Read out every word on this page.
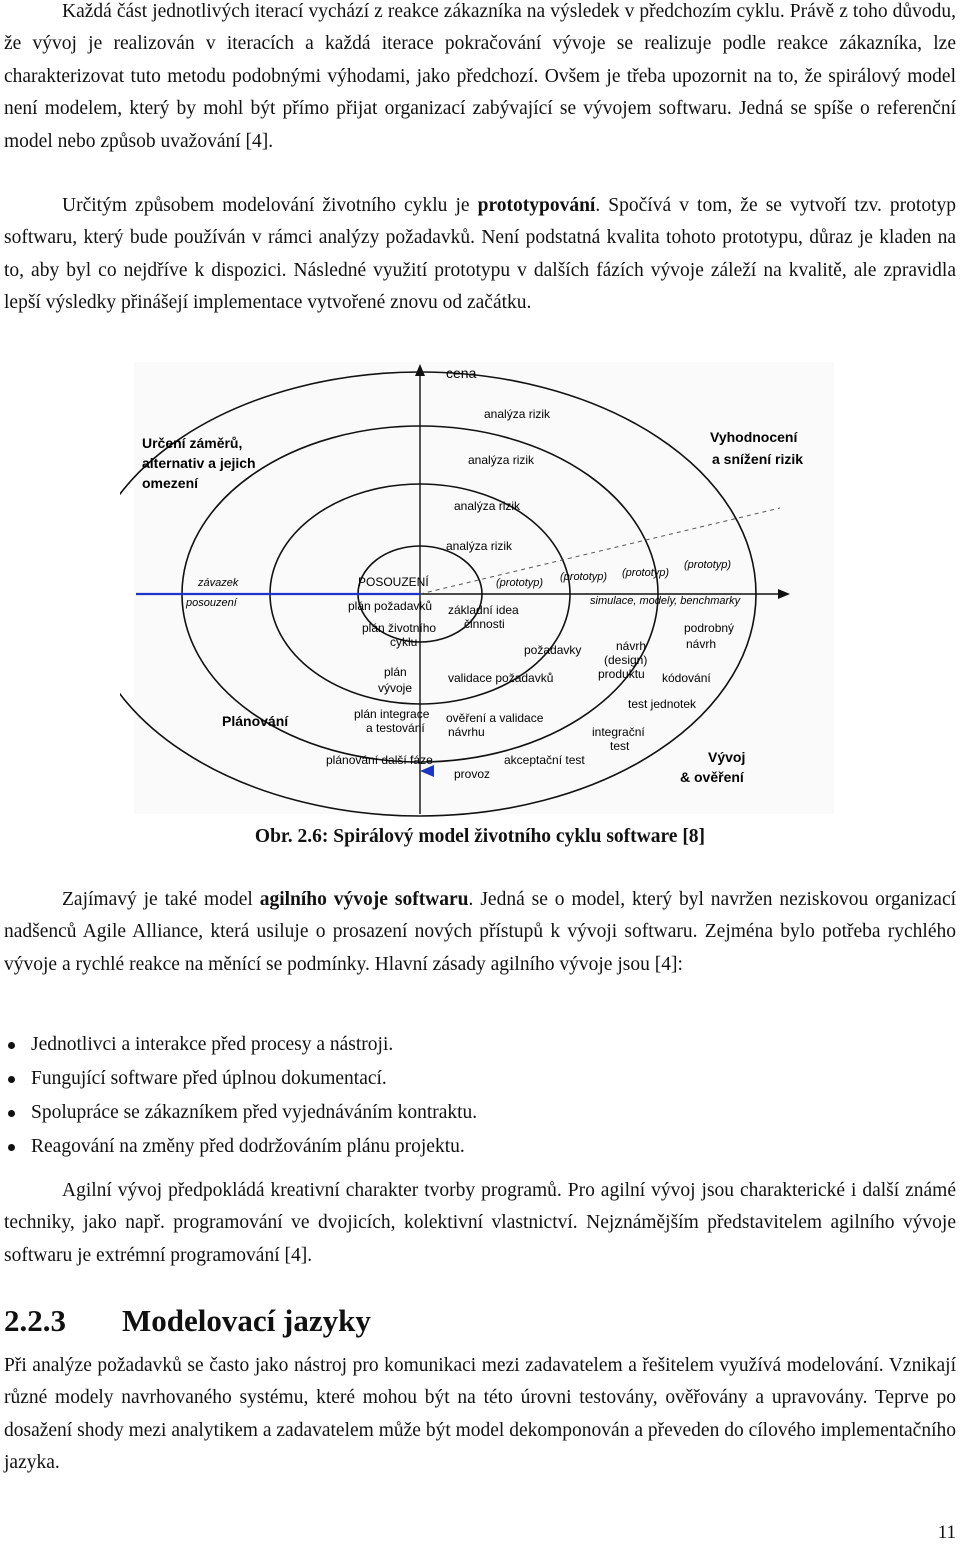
Každá část jednotlivých iterací vychází z reakce zákazníka na výsledek v předchozím cyklu. Právě z toho důvodu, že vývoj je realizován v iteracích a každá iterace pokračování vývoje se realizuje podle reakce zákazníka, lze charakterizovat tuto metodu podobnými výhodami, jako předchozí. Ovšem je třeba upozornit na to, že spirálový model není modelem, který by mohl být přímo přijat organizací zabývající se vývojem softwaru. Jedná se spíše o referenční model nebo způsob uvažování [4].

Určitým způsobem modelování životního cyklu je prototypování. Spočívá v tom, že se vytvoří tzv. prototyp softwaru, který bude používán v rámci analýzy požadavků. Není podstatná kvalita tohoto prototypu, důraz je kladen na to, aby byl co nejdříve k dispozici. Následné využití prototypu v dalších fázích vývoje záleží na kvalitě, ale zpravidla lepší výsledky přinášejí implementace vytvořené znovu od začátku.

cena
Určení záměrů,
alternativ a jejich
omezení
Vyhodnocení
a snížení rizik
Plánování
Vývoj
& ověření
analýza rizik
analýza rizik
analýza rizik
analýza rizik
závazek
posouzení
POSOUZENÍ	(prototyp) (prototyp) (prototyp)
(prototyp)
simulace, modely, benchmarky
plán požadavků
plán životního
cyklu
základní idea
činnosti
požadavky	návrh
(design)
produktu
podrobný
návrh
kódování
plán
vývoje
validace požadavků
test jednotek
plán integrace
a testování
ověření a validace
návrhu	integrační
test
plánování další fáze	akceptační test
provoz

Obr. 2.6: Spirálový model životního cyklu software [8]

Zajímavý je také model agilního vývoje softwaru. Jedná se o model, který byl navržen neziskovou organizací nadšenců Agile Alliance, která usiluje o prosazení nových přístupů k vývoji softwaru. Zejména bylo potřeba rychlého vývoje a rychlé reakce na měnící se podmínky. Hlavní zásady agilního vývoje jsou [4]:

Jednotlivci a interakce před procesy a nástroji.
Fungující software před úplnou dokumentací.
Spolupráce se zákazníkem před vyjednáváním kontraktu.
Reagování na změny před dodržováním plánu projektu.

Agilní vývoj předpokládá kreativní charakter tvorby programů. Pro agilní vývoj jsou charakterické i další známé techniky, jako např. programování ve dvojicích, kolektivní vlastnictví. Nejznámějším představitelem agilního vývoje softwaru je extrémní programování [4].

2.2.3 Modelovací jazyky

Při analýze požadavků se často jako nástroj pro komunikaci mezi zadavatelem a řešitelem využívá modelování. Vznikají různé modely navrhovaného systému, které mohou být na této úrovni testovány, ověřovány a upravovány. Teprve po dosažení shody mezi analytikem a zadavatelem může být model dekomponován a převeden do cílového implementačního jazyka.

11
